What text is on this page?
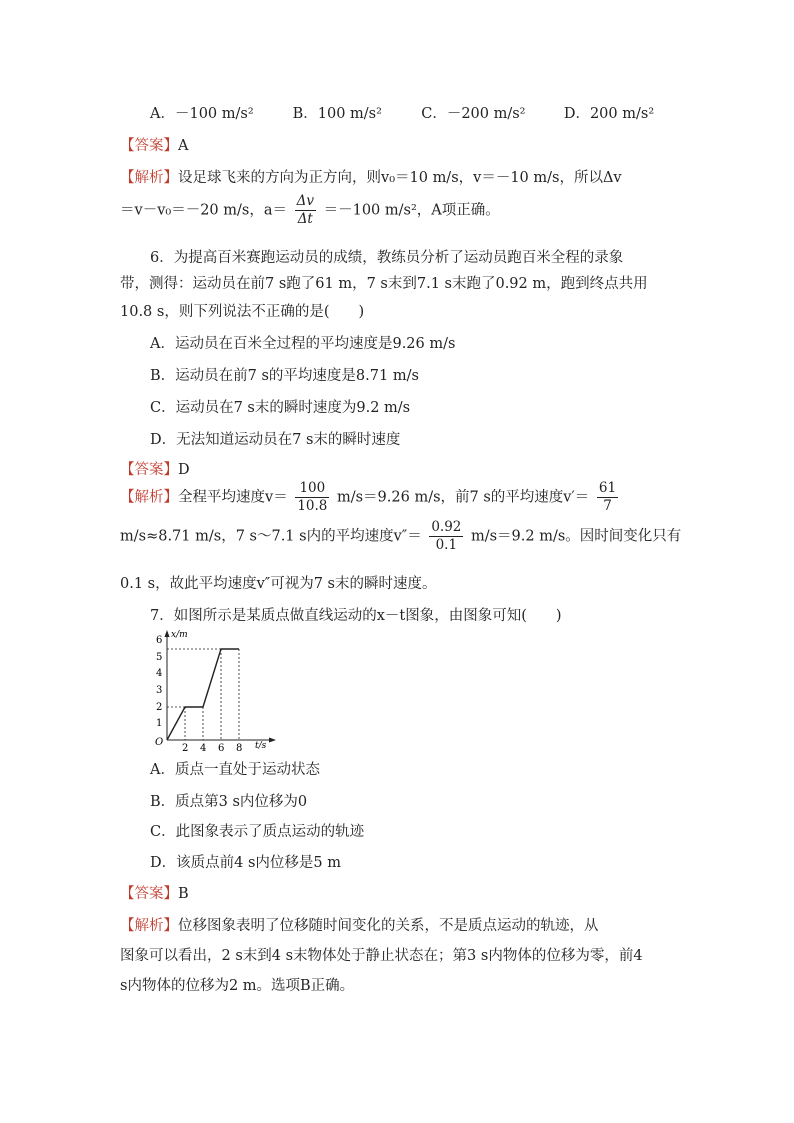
A．－100 m/s²	B．100 m/s²	C．－200 m/s²	D．200 m/s²
【答案】A
【解析】设足球飞来的方向为正方向，则v₀＝10 m/s，v＝－10 m/s，所以Δv
＝v－v₀＝－20 m/s，$a= \frac{\Delta v}{\Delta t} =-100$ m/s²，A项正确。
6．为提高百米赛跑运动员的成绩，教练员分析了运动员跑百米全程的录象
带，测得：运动员在前7 s跑了61 m，7 s末到7.1 s末跑了0.92 m，跑到终点共用
10.8 s，则下列说法不正确的是(　　)
A．运动员在百米全过程的平均速度是9.26 m/s
B．运动员在前7 s的平均速度是8.71 m/s
C．运动员在7 s末的瞬时速度为9.2 m/s
D．无法知道运动员在7 s末的瞬时速度
【答案】D
【解析】全程平均速度$v= \frac{100}{10.8} m/s=9.26$ m/s，前7 s的平均速度$v'= \frac{61}{7}$
m/s≈8.71 m/s，7 s～7.1 s内的平均速度$v''= \frac{0.92}{0.1} m/s=9.2$ m/s。因时间变化只有
0.1 s，故此平均速度v″可视为7 s末的瞬时速度。
7．如图所示是某质点做直线运动的x－t图象，由图象可知(　　)
x/m
t/s
O
1
2
3
4
5
6
2 4 6 8
A．质点一直处于运动状态
B．质点第3 s内位移为0
C．此图象表示了质点运动的轨迹
D．该质点前4 s内位移是5 m
【答案】B
【解析】位移图象表明了位移随时间变化的关系，不是质点运动的轨迹，从
图象可以看出，2 s末到4 s末物体处于静止状态在；第3 s内物体的位移为零，前4
s内物体的位移为2 m。选项B正确。
